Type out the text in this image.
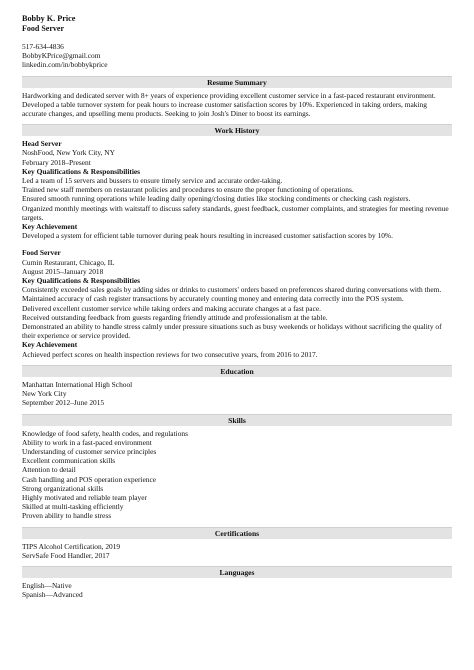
Bobby K. Price
Food Server
517-634-4836
BobbyKPrice@gmail.com
linkedin.com/in/bobbykprice
Resume Summary
Hardworking and dedicated server with 8+ years of experience providing excellent customer service in a fast-paced restaurant environment. Developed a table turnover system for peak hours to increase customer satisfaction scores by 10%. Experienced in taking orders, making accurate changes, and upselling menu products. Seeking to join Josh's Diner to boost its earnings.
Work History
Head Server
NoshFood, New York City, NY
February 2018–Present
Key Qualifications & Responsibilities
Led a team of 15 servers and bussers to ensure timely service and accurate order-taking.
Trained new staff members on restaurant policies and procedures to ensure the proper functioning of operations.
Ensured smooth running operations while leading daily opening/closing duties like stocking condiments or checking cash registers.
Organized monthly meetings with waitstaff to discuss safety standards, guest feedback, customer complaints, and strategies for meeting revenue targets.
Key Achievement
Developed a system for efficient table turnover during peak hours resulting in increased customer satisfaction scores by 10%.
Food Server
Cumin Restaurant, Chicago, IL
August 2015–January 2018
Key Qualifications & Responsibilities
Consistently exceeded sales goals by adding sides or drinks to customers' orders based on preferences shared during conversations with them.
Maintained accuracy of cash register transactions by accurately counting money and entering data correctly into the POS system.
Delivered excellent customer service while taking orders and making accurate changes at a fast pace.
Received outstanding feedback from guests regarding friendly attitude and professionalism at the table.
Demonstrated an ability to handle stress calmly under pressure situations such as busy weekends or holidays without sacrificing the quality of their experience or service provided.
Key Achievement
Achieved perfect scores on health inspection reviews for two consecutive years, from 2016 to 2017.
Education
Manhattan International High School
New York City
September 2012–June 2015
Skills
Knowledge of food safety, health codes, and regulations
Ability to work in a fast-paced environment
Understanding of customer service principles
Excellent communication skills
Attention to detail
Cash handling and POS operation experience
Strong organizational skills
Highly motivated and reliable team player
Skilled at multi-tasking efficiently
Proven ability to handle stress
Certifications
TIPS Alcohol Certification, 2019
ServSafe Food Handler, 2017
Languages
English—Native
Spanish—Advanced
